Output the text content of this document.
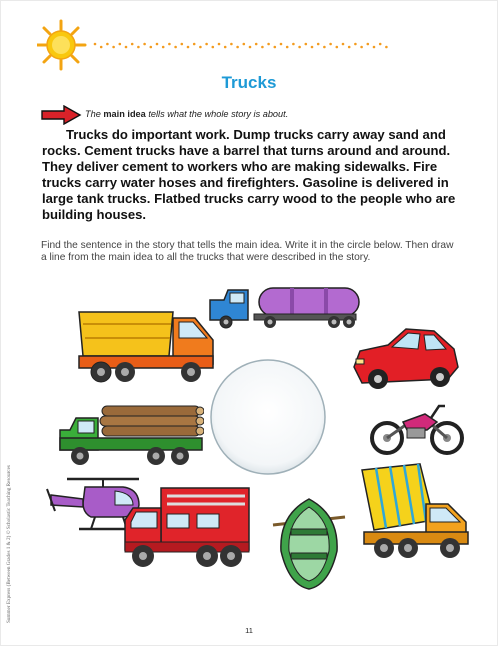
Trucks
The main idea tells what the whole story is about.

Trucks do important work. Dump trucks carry away sand and rocks. Cement trucks have a barrel that turns around and around. They deliver cement to workers who are making sidewalks. Fire trucks carry water hoses and firefighters. Gasoline is delivered in large tank trucks. Flatbed trucks carry wood to the people who are building houses.

Find the sentence in the story that tells the main idea. Write it in the circle below. Then draw a line from the main idea to all the trucks that were described in the story.

Summer Express (Between Grades 1 & 2) © Scholastic Teaching Resources
11
